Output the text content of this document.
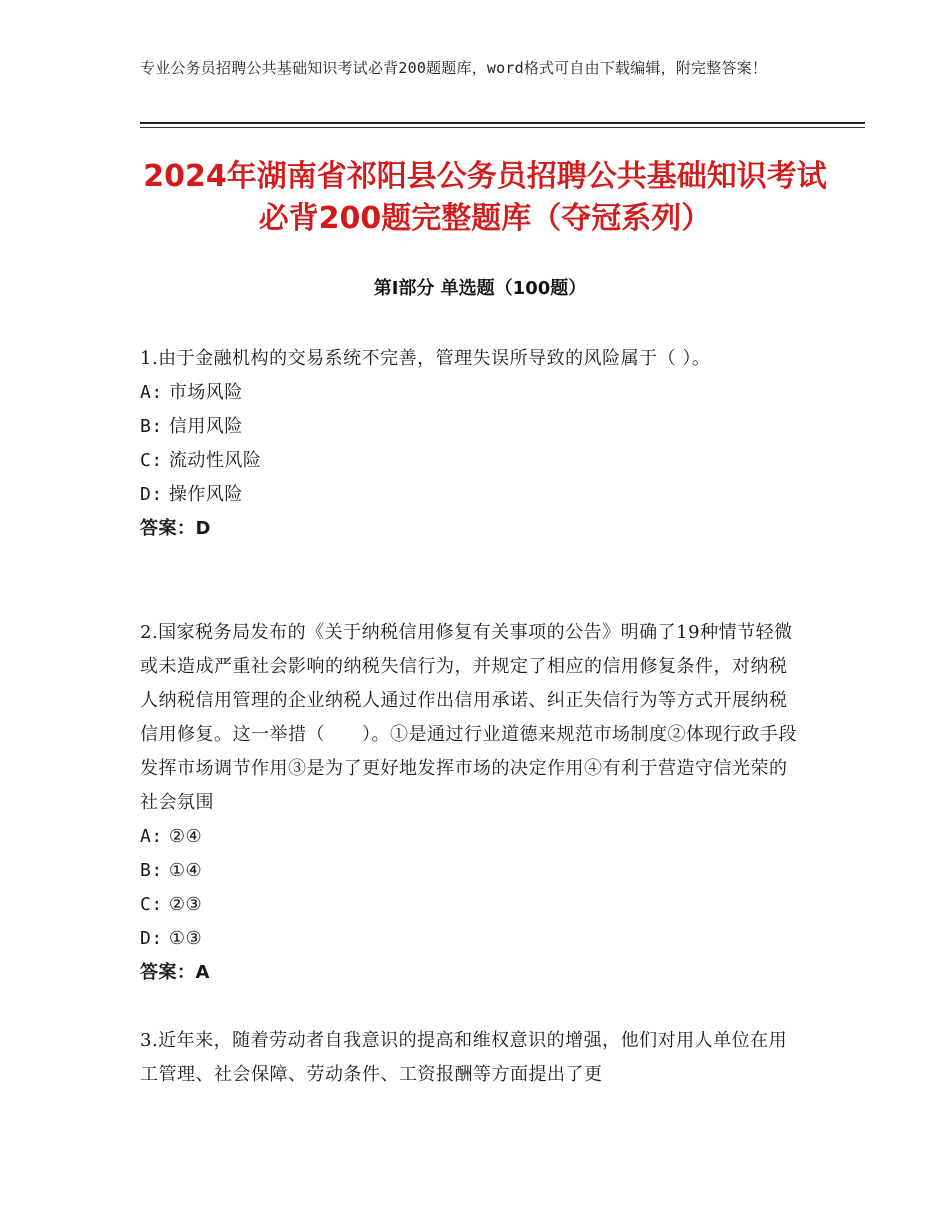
专业公务员招聘公共基础知识考试必背200题题库，word格式可自由下载编辑，附完整答案！
2024年湖南省祁阳县公务员招聘公共基础知识考试必背200题完整题库（夺冠系列）
第Ⅰ部分 单选题（100题）
1.由于金融机构的交易系统不完善，管理失误所导致的风险属于（ ）。
A: 市场风险
B: 信用风险
C: 流动性风险
D: 操作风险
答案：D
2.国家税务局发布的《关于纳税信用修复有关事项的公告》明确了19种情节轻微或未造成严重社会影响的纳税失信行为，并规定了相应的信用修复条件，对纳税人纳税信用管理的企业纳税人通过作出信用承诺、纠正失信行为等方式开展纳税信用修复。这一举措（　　）。①是通过行业道德来规范市场制度②体现行政手段发挥市场调节作用③是为了更好地发挥市场的决定作用④有利于营造守信光荣的社会氛围
A: ②④
B: ①④
C: ②③
D: ①③
答案：A
3.近年来，随着劳动者自我意识的提高和维权意识的增强，他们对用人单位在用工管理、社会保障、劳动条件、工资报酬等方面提出了更
